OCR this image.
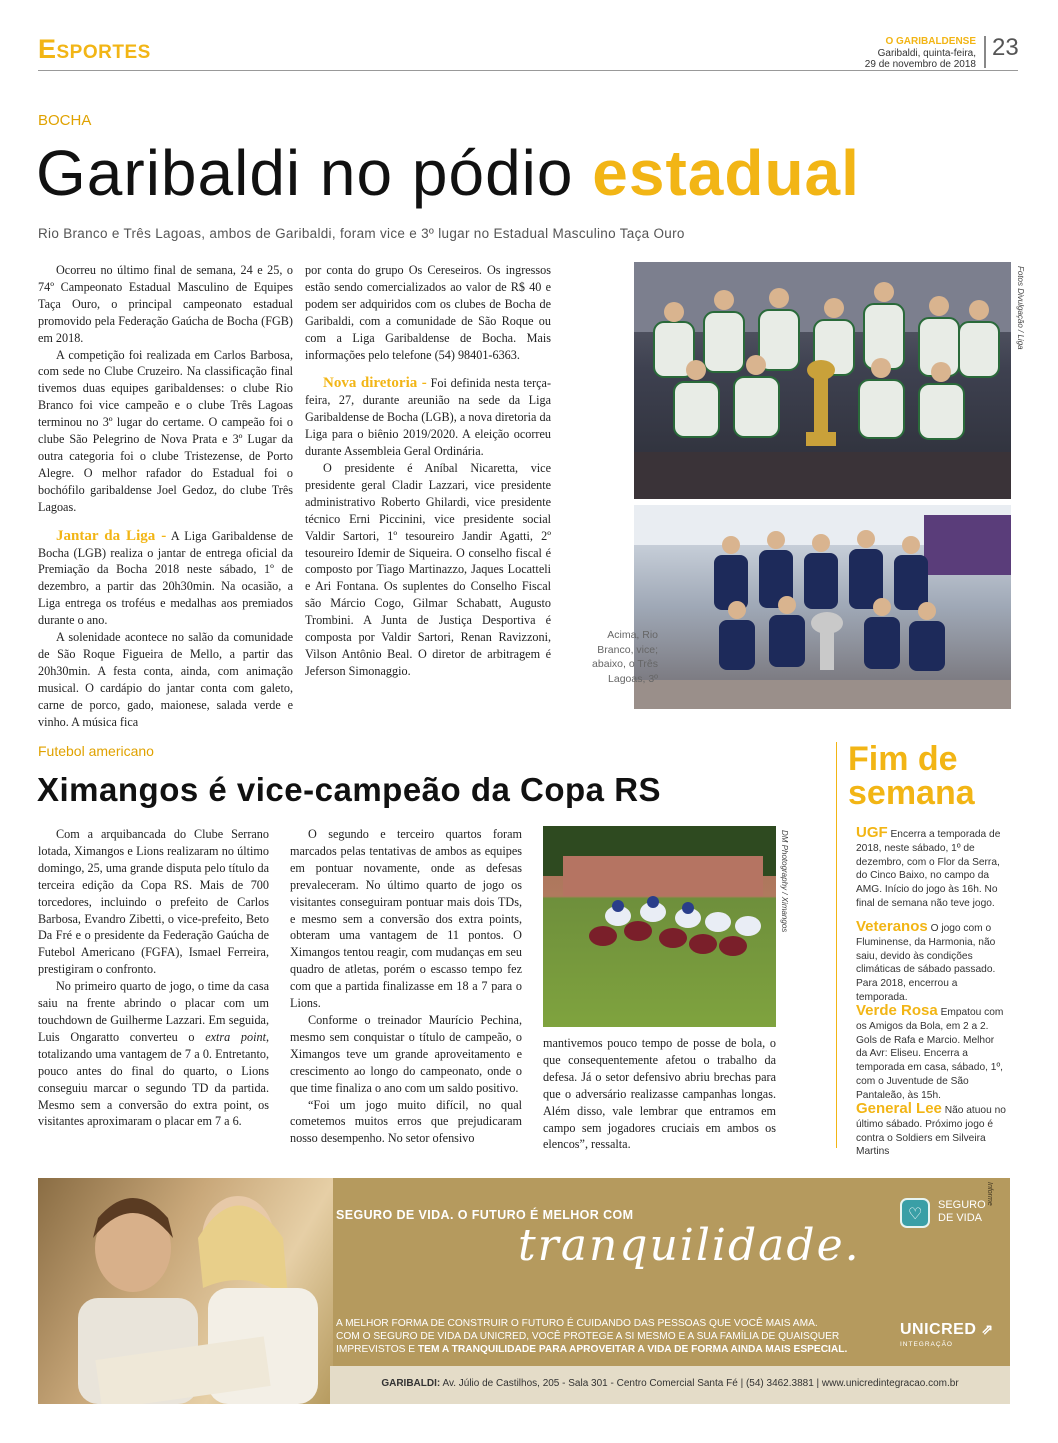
Esportes	O GARIBALDENSE
Garibaldi, quinta-feira,
29 de novembro de 2018
23
BOCHA
Garibaldi no pódio estadual
Rio Branco e Três Lagoas, ambos de Garibaldi, foram vice e 3º lugar no Estadual Masculino Taça Ouro

Ocorreu no último final de semana, 24 e 25, o 74º Campeonato Estadual Masculino de Equipes Taça Ouro, o principal campeonato estadual promovido pela Federação Gaúcha de Bocha (FGB) em 2018.

A competição foi realizada em Carlos Barbosa, com sede no Clube Cruzeiro. Na classificação final tivemos duas equipes garibaldenses: o clube Rio Branco foi vice campeão e o clube Três Lagoas terminou no 3º lugar do certame. O campeão foi o clube São Pelegrino de Nova Prata e 3º Lugar da outra categoria foi o clube Tristezense, de Porto Alegre. O melhor rafador do Estadual foi o bochófilo garibaldense Joel Gedoz, do clube Três Lagoas.

Jantar da Liga - A Liga Garibaldense de Bocha (LGB) realiza o jantar de entrega oficial da Premiação da Bocha 2018 neste sábado, 1º de dezembro, a partir das 20h30min. Na ocasião, a Liga entrega os troféus e medalhas aos premiados durante o ano.

A solenidade acontece no salão da comunidade de São Roque Figueira de Mello, a partir das 20h30min. A festa conta, ainda, com animação musical. O cardápio do jantar conta com galeto, carne de porco, gado, maionese, salada verde e vinho. A música fica

por conta do grupo Os Cereseiros. Os ingressos estão sendo comercializados ao valor de R$ 40 e podem ser adquiridos com os clubes de Bocha de Garibaldi, com a comunidade de São Roque ou com a Liga Garibaldense de Bocha. Mais informações pelo telefone (54) 98401-6363.

Nova diretoria - Foi definida nesta terça-feira, 27, durante areunião na sede da Liga Garibaldense de Bocha (LGB), a nova diretoria da Liga para o biênio 2019/2020. A eleição ocorreu durante Assembleia Geral Ordinária.

O presidente é Aníbal Nicaretta, vice presidente geral Cladir Lazzari, vice presidente administrativo Roberto Ghilardi, vice presidente técnico Erni Piccinini, vice presidente social Valdir Sartori, 1º tesoureiro Jandir Agatti, 2º tesoureiro Idemir de Siqueira. O conselho fiscal é composto por Tiago Martinazzo, Jaques Locatteli e Ari Fontana. Os suplentes do Conselho Fiscal são Márcio Cogo, Gilmar Schabatt, Augusto Trombini. A Junta de Justiça Desportiva é composta por Valdir Sartori, Renan Ravizzoni, Vilson Antônio Beal. O diretor de arbitragem é Jeferson Simonaggio.

Fotos Divulgação / Liga
Acima, Rio Branco, vice; abaixo, o Três Lagoas, 3º
Futebol americano
Ximangos é vice-campeão da Copa RS

Com a arquibancada do Clube Serrano lotada, Ximangos e Lions realizaram no último domingo, 25, uma grande disputa pelo título da terceira edição da Copa RS. Mais de 700 torcedores, incluindo o prefeito de Carlos Barbosa, Evandro Zibetti, o vice-prefeito, Beto Da Fré e o presidente da Federação Gaúcha de Futebol Americano (FGFA), Ismael Ferreira, prestigiram o confronto.

No primeiro quarto de jogo, o time da casa saiu na frente abrindo o placar com um touchdown de Guilherme Lazzari. Em seguida, Luis Ongaratto converteu o extra point, totalizando uma vantagem de 7 a 0. Entretanto, pouco antes do final do quarto, o Lions conseguiu marcar o segundo TD da partida. Mesmo sem a conversão do extra point, os visitantes aproximaram o placar em 7 a 6.

O segundo e terceiro quartos foram marcados pelas tentativas de ambos as equipes em pontuar novamente, onde as defesas prevaleceram. No último quarto de jogo os visitantes conseguiram pontuar mais dois TDs, e mesmo sem a conversão dos extra points, obteram uma vantagem de 11 pontos. O Ximangos tentou reagir, com mudanças em seu quadro de atletas, porém o escasso tempo fez com que a partida finalizasse em 18 a 7 para o Lions.

Conforme o treinador Maurício Pechina, mesmo sem conquistar o título de campeão, o Ximangos teve um grande aproveitamento e crescimento ao longo do campeonato, onde o que time finaliza o ano com um saldo positivo.

“Foi um jogo muito difícil, no qual cometemos muitos erros que prejudicaram nosso desempenho. No setor ofensivo

DM Photography / Ximangos

mantivemos pouco tempo de posse de bola, o que consequentemente afetou o trabalho da defesa. Já o setor defensivo abriu brechas para que o adversário realizasse campanhas longas. Além disso, vale lembrar que entramos em campo sem jogadores cruciais em ambos os elencos”, ressalta.

Fim de
semana
UGF Encerra a temporada de 2018, neste sábado, 1º de dezembro, com o Flor da Serra, do Cinco Baixo, no campo da AMG. Início do jogo às 16h. No final de semana não teve jogo.
Veteranos O jogo com o Fluminense, da Harmonia, não saiu, devido às condições climáticas de sábado passado. Para 2018, encerrou a temporada.
Verde Rosa Empatou com os Amigos da Bola, em 2 a 2. Gols de Rafa e Marcio. Melhor da Avr: Eliseu. Encerra a temporada em casa, sábado, 1º, com o Juventude de São Pantaleão, às 15h.
General Lee Não atuou no último sábado. Próximo jogo é contra o Soldiers em Silveira Martins
Informe
SEGURO DE VIDA. O FUTURO É MELHOR COM
tranquilidade.
♡ SEGURO
DE VIDA
A MELHOR FORMA DE CONSTRUIR O FUTURO É CUIDANDO DAS PESSOAS QUE VOCÊ MAIS AMA.
COM O SEGURO DE VIDA DA UNICRED, VOCÊ PROTEGE A SI MESMO E A SUA FAMÍLIA DE QUAISQUER
IMPREVISTOS E TEM A TRANQUILIDADE PARA APROVEITAR A VIDA DE FORMA AINDA MAIS ESPECIAL.
UNICRED ⇗
INTEGRAÇÃO
GARIBALDI: Av. Júlio de Castilhos, 205 - Sala 301 - Centro Comercial Santa Fé | (54) 3462.3881 | www.unicredintegracao.com.br
